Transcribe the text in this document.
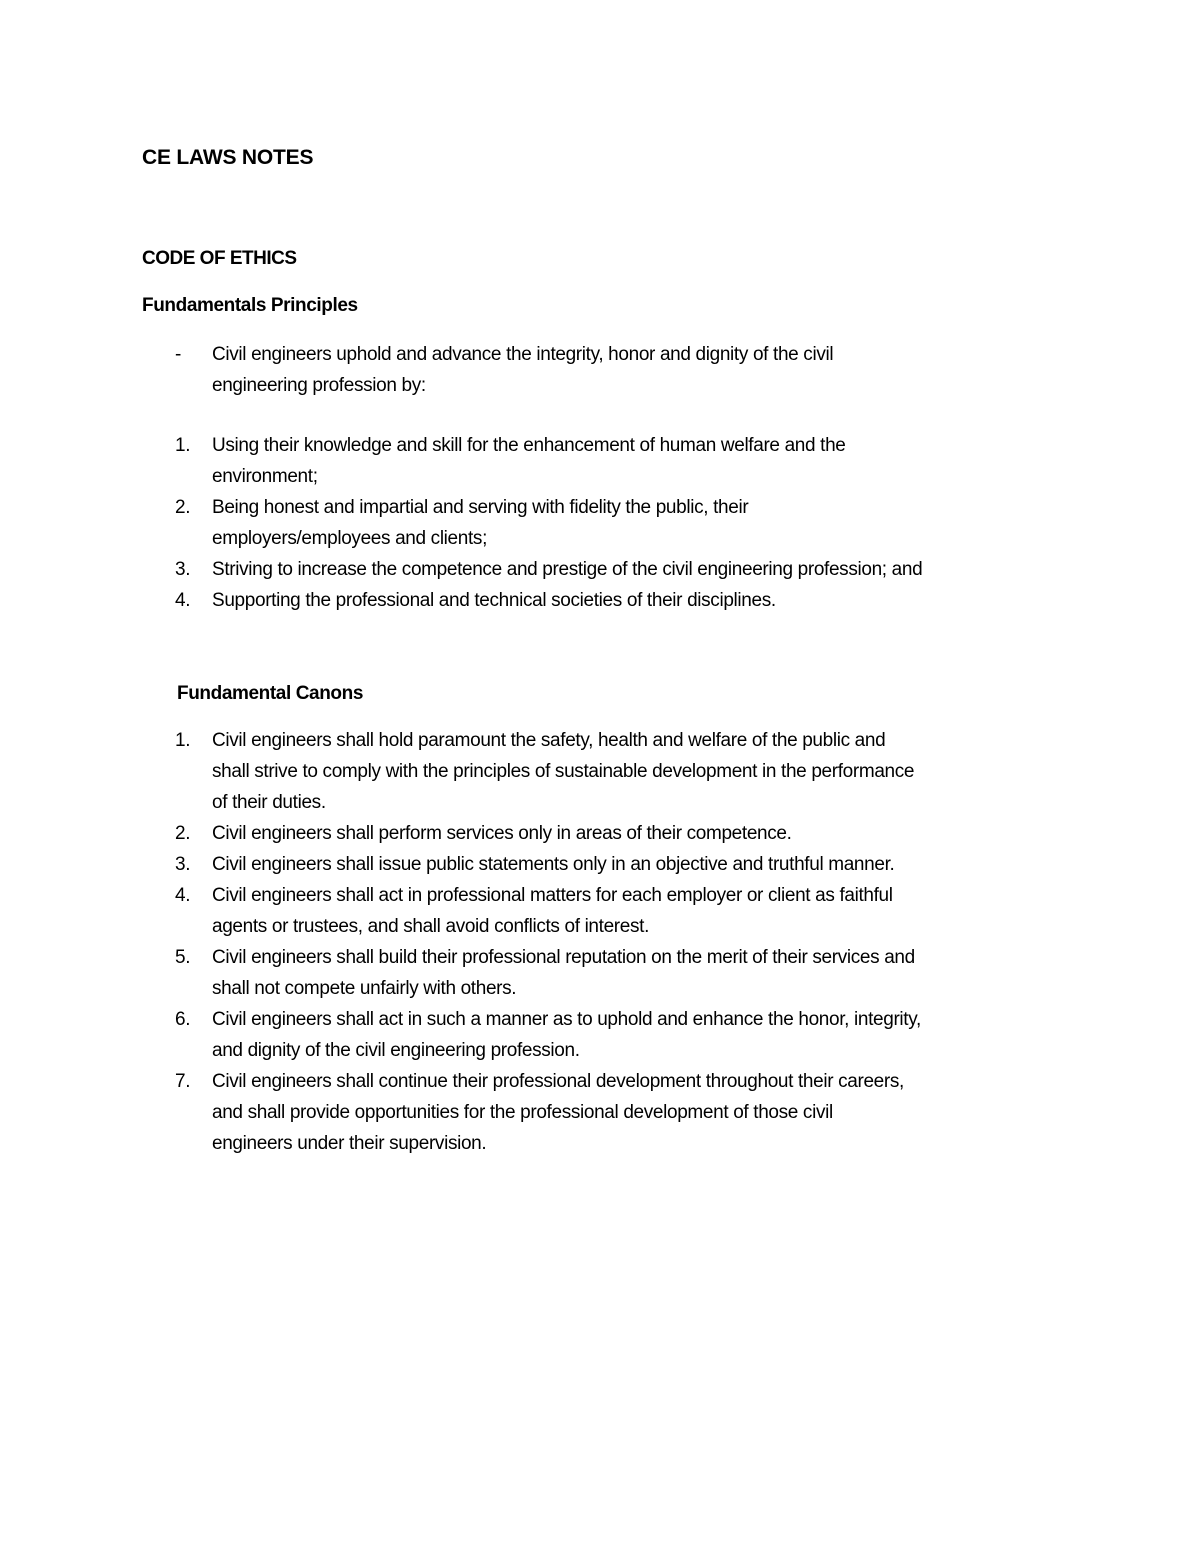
CE LAWS NOTES
CODE OF ETHICS
Fundamentals Principles
- Civil engineers uphold and advance the integrity, honor and dignity of the civil
engineering profession by:
1. Using their knowledge and skill for the enhancement of human welfare and the
environment;
2. Being honest and impartial and serving with fidelity the public, their
employers/employees and clients;
3. Striving to increase the competence and prestige of the civil engineering profession; and
4. Supporting the professional and technical societies of their disciplines.
Fundamental Canons
1. Civil engineers shall hold paramount the safety, health and welfare of the public and
shall strive to comply with the principles of sustainable development in the performance
of their duties.
2. Civil engineers shall perform services only in areas of their competence.
3. Civil engineers shall issue public statements only in an objective and truthful manner.
4. Civil engineers shall act in professional matters for each employer or client as faithful
agents or trustees, and shall avoid conflicts of interest.
5. Civil engineers shall build their professional reputation on the merit of their services and
shall not compete unfairly with others.
6. Civil engineers shall act in such a manner as to uphold and enhance the honor, integrity,
and dignity of the civil engineering profession.
7. Civil engineers shall continue their professional development throughout their careers,
and shall provide opportunities for the professional development of those civil
engineers under their supervision.
